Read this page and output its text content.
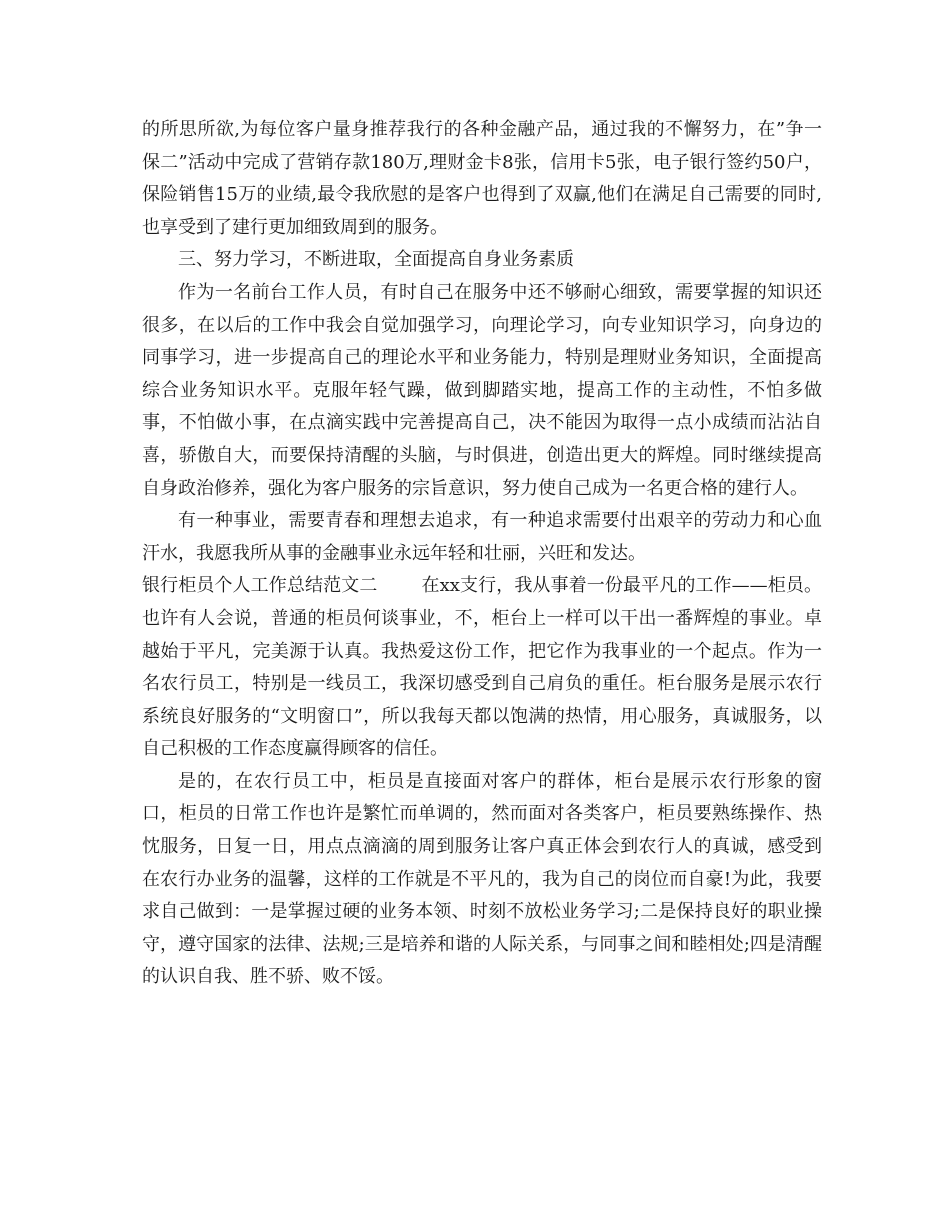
的所思所欲,为每位客户量身推荐我行的各种金融产品，通过我的不懈努力，在”争一保二”活动中完成了营销存款180万,理财金卡8张，信用卡5张，电子银行签约50户，保险销售15万的业绩,最令我欣慰的是客户也得到了双赢,他们在满足自己需要的同时,也享受到了建行更加细致周到的服务。

三、努力学习，不断进取，全面提高自身业务素质

作为一名前台工作人员，有时自己在服务中还不够耐心细致，需要掌握的知识还很多，在以后的工作中我会自觉加强学习，向理论学习，向专业知识学习，向身边的同事学习，进一步提高自己的理论水平和业务能力，特别是理财业务知识，全面提高综合业务知识水平。克服年轻气躁，做到脚踏实地，提高工作的主动性，不怕多做事，不怕做小事，在点滴实践中完善提高自己，决不能因为取得一点小成绩而沾沾自喜，骄傲自大，而要保持清醒的头脑，与时俱进，创造出更大的辉煌。同时继续提高自身政治修养，强化为客户服务的宗旨意识，努力使自己成为一名更合格的建行人。

有一种事业，需要青春和理想去追求，有一种追求需要付出艰辛的劳动力和心血汗水，我愿我所从事的金融事业永远年轻和壮丽，兴旺和发达。

银行柜员个人工作总结范文二 在xx支行，我从事着一份最平凡的工作——柜员。也许有人会说，普通的柜员何谈事业，不，柜台上一样可以干出一番辉煌的事业。卓越始于平凡，完美源于认真。我热爱这份工作，把它作为我事业的一个起点。作为一名农行员工，特别是一线员工，我深切感受到自己肩负的重任。柜台服务是展示农行系统良好服务的“文明窗口”，所以我每天都以饱满的热情，用心服务，真诚服务，以自己积极的工作态度赢得顾客的信任。

是的，在农行员工中，柜员是直接面对客户的群体，柜台是展示农行形象的窗口，柜员的日常工作也许是繁忙而单调的，然而面对各类客户，柜员要熟练操作、热忱服务，日复一日，用点点滴滴的周到服务让客户真正体会到农行人的真诚，感受到在农行办业务的温馨，这样的工作就是不平凡的，我为自己的岗位而自豪!为此，我要求自己做到：一是掌握过硬的业务本领、时刻不放松业务学习;二是保持良好的职业操守，遵守国家的法律、法规;三是培养和谐的人际关系，与同事之间和睦相处;四是清醒的认识自我、胜不骄、败不馁。
